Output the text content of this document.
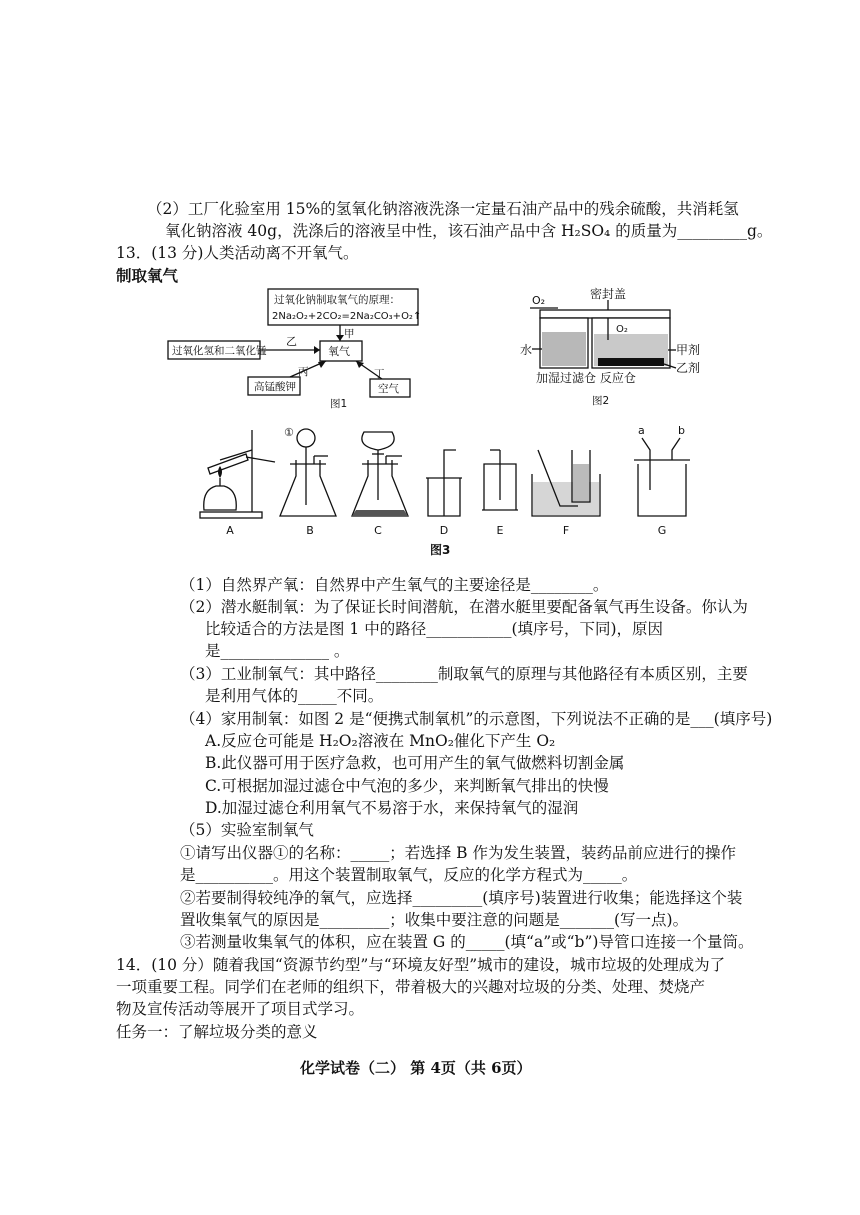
（2）工厂化验室用 15%的氢氧化钠溶液洗涤一定量石油产品中的残余硫酸，共消耗氢
氧化钠溶液 40g，洗涤后的溶液呈中性，该石油产品中含 H₂SO₄ 的质量为_________g。
13．(13 分)人类活动离不开氧气。
制取氧气
过氧化钠制取氧气的原理：
2Na₂O₂+2CO₂=2Na₂CO₃+O₂↑
过氧化氢和二氧化锰	氧气
高锰酸钾	空气
甲
乙
丙	丁
图1
O₂	密封盖
O₂
水	甲剂
乙剂
加湿过滤仓 反应仓
图2
①	a	b
A	B	C	D	E	F	G
图3
（1）自然界产氧：自然界中产生氧气的主要途径是________。
（2）潜水艇制氧：为了保证长时间潜航，在潜水艇里要配备氧气再生设备。你认为
比较适合的方法是图 1 中的路径___________(填序号，下同)，原因
是______________ 。
（3）工业制氧气：其中路径________制取氧气的原理与其他路径有本质区别，主要
是利用气体的_____不同。
（4）家用制氧：如图 2 是“便携式制氧机”的示意图，下列说法不正确的是___(填序号)
A.反应仓可能是 H₂O₂溶液在 MnO₂催化下产生 O₂
B.此仪器可用于医疗急救，也可用产生的氧气做燃料切割金属
C.可根据加湿过滤仓中气泡的多少，来判断氧气排出的快慢
D.加湿过滤仓利用氧气不易溶于水，来保持氧气的湿润
（5）实验室制氧气
①请写出仪器①的名称：_____；若选择 B 作为发生装置，装药品前应进行的操作
是__________。用这个装置制取氧气，反应的化学方程式为_____。
②若要制得较纯净的氧气，应选择_________(填序号)装置进行收集；能选择这个装
置收集氧气的原因是_________；收集中要注意的问题是_______(写一点)。
③若测量收集氧气的体积，应在装置 G 的_____(填“a”或“b”)导管口连接一个量筒。
14．(10 分）随着我国“资源节约型”与“环境友好型”城市的建设，城市垃圾的处理成为了
一项重要工程。同学们在老师的组织下，带着极大的兴趣对垃圾的分类、处理、焚烧产
物及宣传活动等展开了项目式学习。
任务一：了解垃圾分类的意义
化学试卷（二） 第 4页（共 6页）
